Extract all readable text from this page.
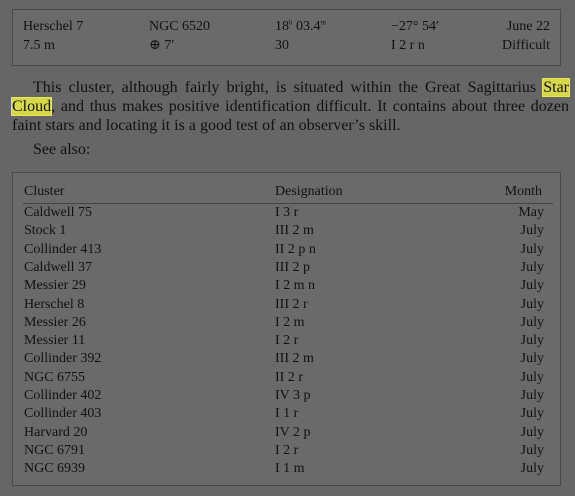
Herschel 7	NGC 6520	18$^h$ $03.4^m$	−27° 54′	June 22
7.5 m	⊕ 7′	30	I 2 r n	Difficult

This cluster, although fairly bright, is situated within the Great Sagittarius Star Cloud, and thus makes positive identification difficult. It contains about three dozen faint stars and locating it is a good test of an observer’s skill.

See also:
Cluster	Designation	Month
Caldwell 75	I 3 r	May
Stock 1	III 2 m	July
Collinder 413	II 2 p n	July
Caldwell 37	III 2 p	July
Messier 29	I 2 m n	July
Herschel 8	III 2 r	July
Messier 26	I 2 m	July
Messier 11	I 2 r	July
Collinder 392	III 2 m	July
NGC 6755	II 2 r	July
Collinder 402	IV 3 p	July
Collinder 403	I 1 r	July
Harvard 20	IV 2 p	July
NGC 6791	I 2 r	July
NGC 6939	I 1 m	July
